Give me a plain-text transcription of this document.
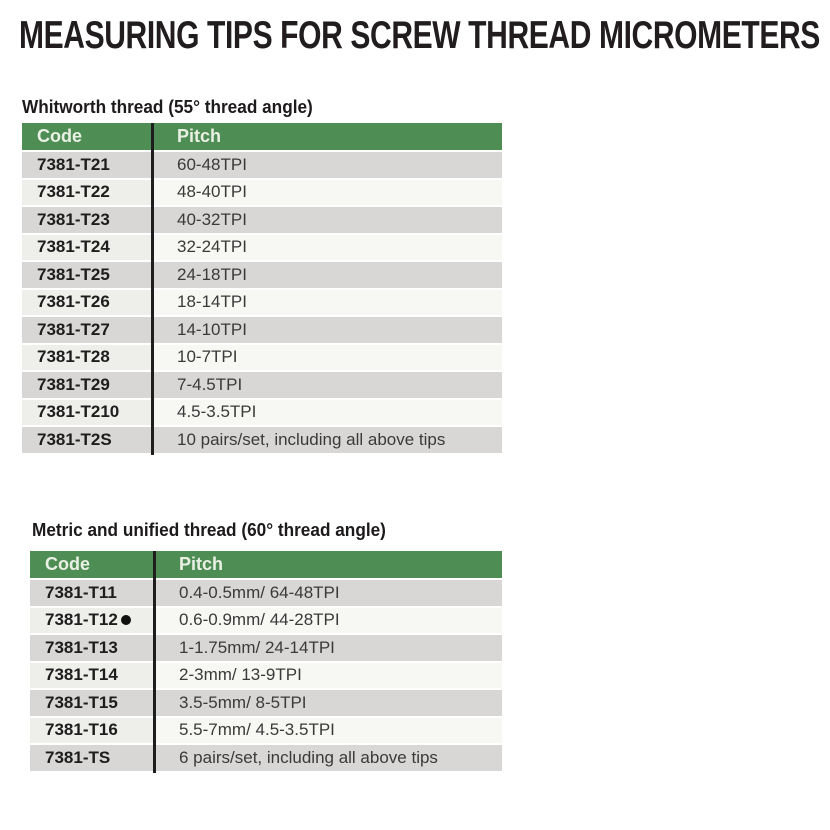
MEASURING TIPS FOR SCREW THREAD MICROMETERS
Whitworth thread (55° thread angle)
Code	Pitch
7381-T21	60-48TPI
7381-T22	48-40TPI
7381-T23	40-32TPI
7381-T24	32-24TPI
7381-T25	24-18TPI
7381-T26	18-14TPI
7381-T27	14-10TPI
7381-T28	10-7TPI
7381-T29	7-4.5TPI
7381-T210	4.5-3.5TPI
7381-T2S	10 pairs/set, including all above tips
Metric and unified thread (60° thread angle)
Code	Pitch
7381-T11	0.4-0.5mm/ 64-48TPI
7381-T12	0.6-0.9mm/ 44-28TPI
7381-T13	1-1.75mm/ 24-14TPI
7381-T14	2-3mm/ 13-9TPI
7381-T15	3.5-5mm/ 8-5TPI
7381-T16	5.5-7mm/ 4.5-3.5TPI
7381-TS	6 pairs/set, including all above tips
